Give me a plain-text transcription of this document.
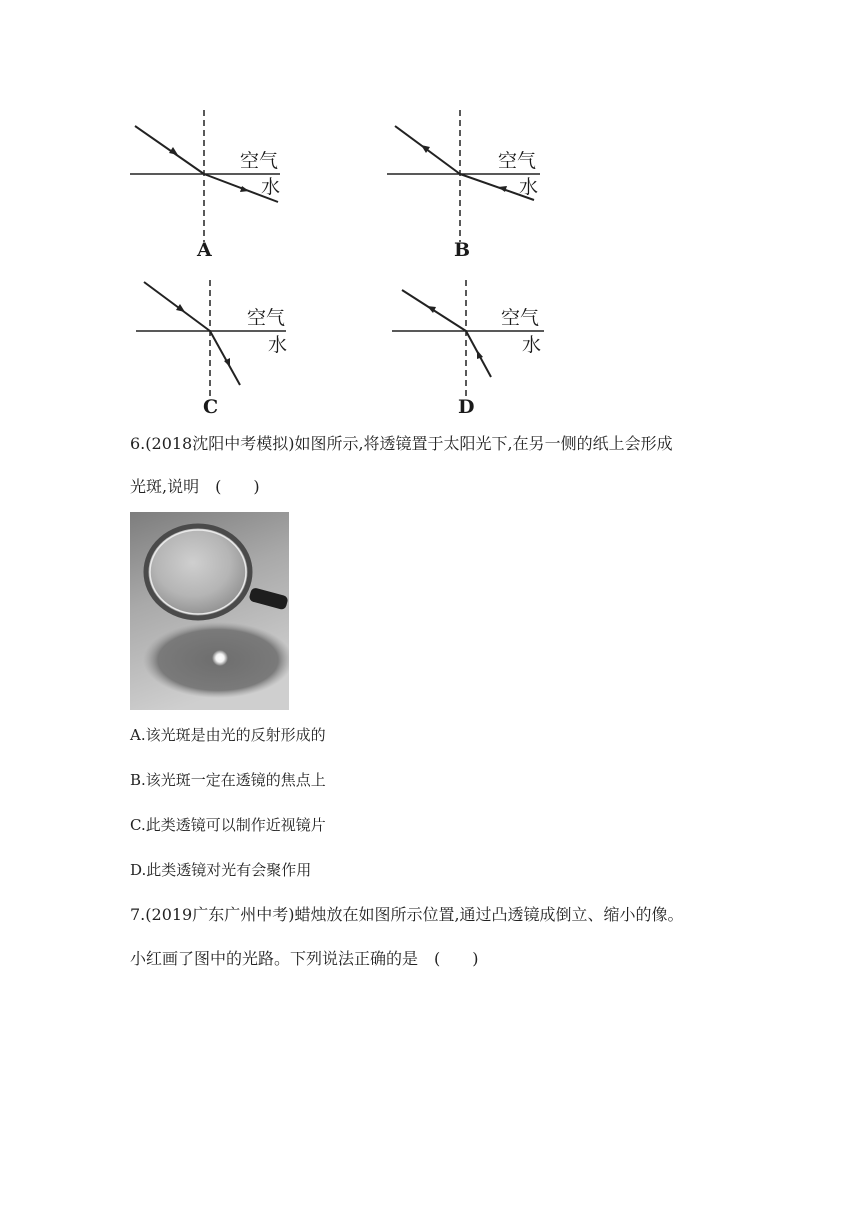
空气
水
A
空气
水
B
空气
水
C
空气
水
D
6.(2018沈阳中考模拟)如图所示,将透镜置于太阳光下,在另一侧的纸上会形成
光斑,说明　(　　)
A.该光斑是由光的反射形成的
B.该光斑一定在透镜的焦点上
C.此类透镜可以制作近视镜片
D.此类透镜对光有会聚作用
7.(2019广东广州中考)蜡烛放在如图所示位置,通过凸透镜成倒立、缩小的像。
小红画了图中的光路。下列说法正确的是　(　　)
